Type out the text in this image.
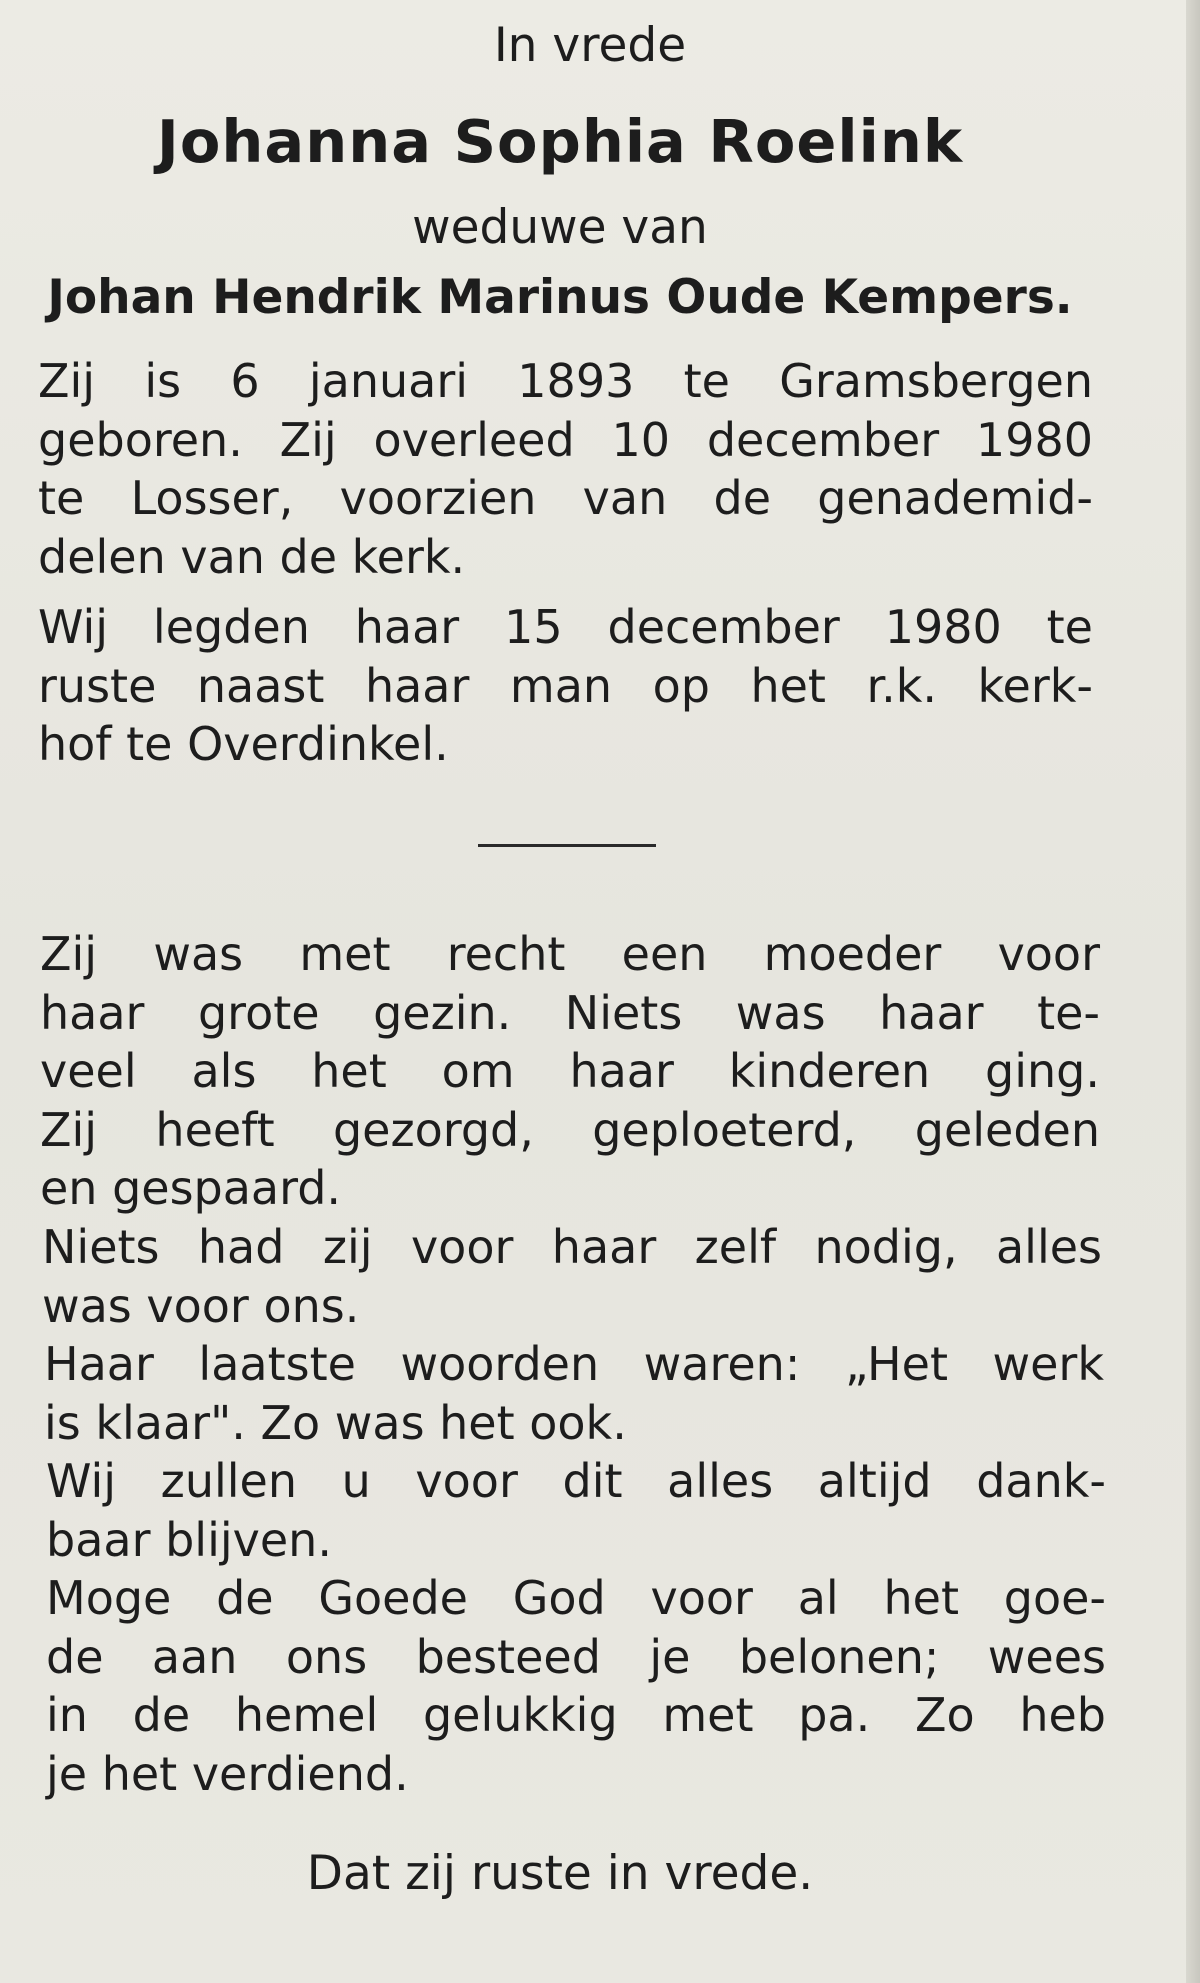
In vrede

Johanna Sophia Roelink

weduwe van

Johan Hendrik Marinus Oude Kempers.

Zij is 6 januari 1893 te Gramsbergen
geboren. Zij overleed 10 december 1980
te Losser, voorzien van de genademid-
delen van de kerk.
Wij legden haar 15 december 1980 te
ruste naast haar man op het r.k. kerk-
hof te Overdinkel.
Zij was met recht een moeder voor
haar grote gezin. Niets was haar te-
veel als het om haar kinderen ging.
Zij heeft gezorgd, geploeterd, geleden
en gespaard.
Niets had zij voor haar zelf nodig, alles
was voor ons.
Haar laatste woorden waren: „Het werk
is klaar". Zo was het ook.
Wij zullen u voor dit alles altijd dank-
baar blijven.
Moge de Goede God voor al het goe-
de aan ons besteed je belonen; wees
in de hemel gelukkig met pa. Zo heb
je het verdiend.

Dat zij ruste in vrede.
